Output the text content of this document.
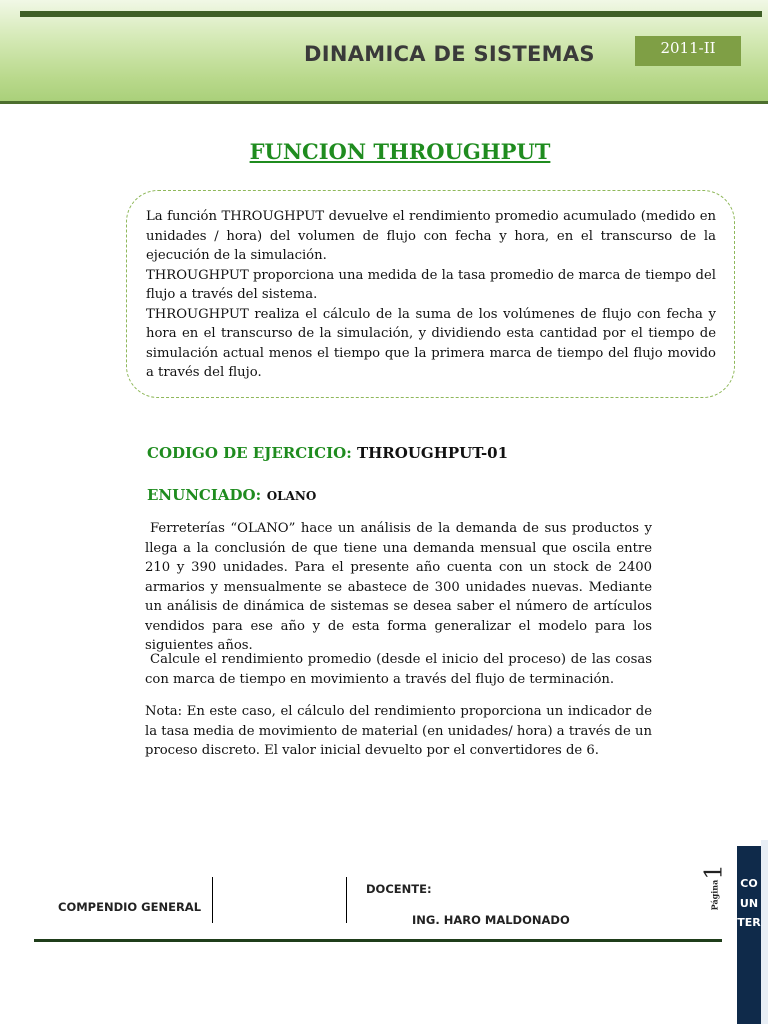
DINAMICA DE SISTEMAS	2011-II
FUNCION THROUGHPUT

La función THROUGHPUT devuelve el rendimiento promedio acumulado (medido en unidades / hora) del volumen de flujo con fecha y hora, en el transcurso de la ejecución de la simulación.

THROUGHPUT proporciona una medida de la tasa promedio de marca de tiempo del flujo a través del sistema.

THROUGHPUT realiza el cálculo de la suma de los volúmenes de flujo con fecha y hora en el transcurso de la simulación, y dividiendo esta cantidad por el tiempo de simulación actual menos el tiempo que la primera marca de tiempo del flujo movido a través del flujo.

CODIGO DE EJERCICIO: THROUGHPUT-01
ENUNCIADO: OLANO

Ferreterías “OLANO” hace un análisis de la demanda de sus productos y llega a la conclusión de que tiene una demanda mensual que oscila entre 210 y 390 unidades. Para el presente año cuenta con un stock de 2400 armarios y mensualmente se abastece de 300 unidades nuevas. Mediante un análisis de dinámica de sistemas se desea saber el número de artículos vendidos para ese año y de esta forma generalizar el modelo para los siguientes años.

Calcule el rendimiento promedio (desde el inicio del proceso) de las cosas con marca de tiempo en movimiento a través del flujo de terminación.

Nota: En este caso, el cálculo del rendimiento proporciona un indicador de la tasa media de movimiento de material (en unidades/ hora) a través de un proceso discreto. El valor inicial devuelto por el convertidores de 6.

COMPENDIO GENERAL
DOCENTE:
ING. HARO MALDONADO
Página
1
COUNTER
